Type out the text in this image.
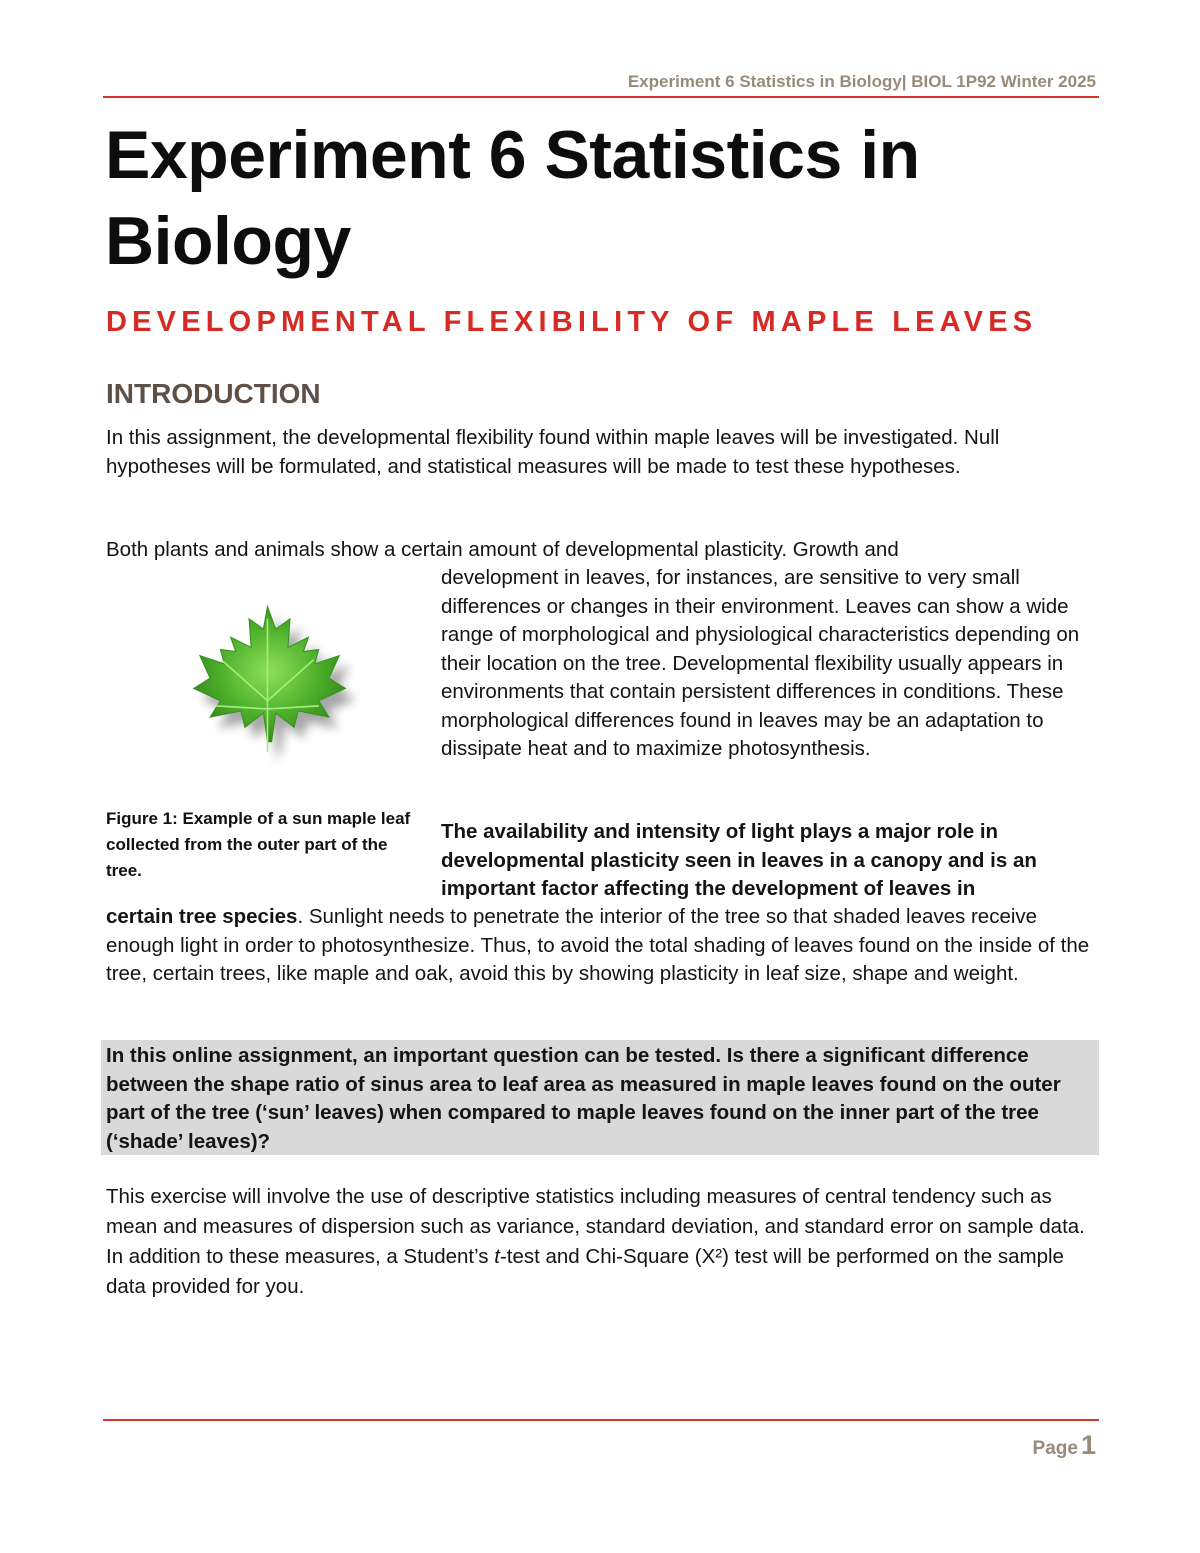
Experiment 6 Statistics in Biology| BIOL 1P92 Winter 2025
Experiment 6 Statistics in
Biology
DEVELOPMENTAL FLEXIBILITY OF MAPLE LEAVES
INTRODUCTION

In this assignment, the developmental flexibility found within maple leaves will be investigated. Null hypotheses will be formulated, and statistical measures will be made to test these hypotheses.

Both plants and animals show a certain amount of developmental plasticity. Growth and

development in leaves, for instances, are sensitive to very small differences or changes in their environment. Leaves can show a wide range of morphological and physiological characteristics depending on their location on the tree. Developmental flexibility usually appears in environments that contain persistent differences in conditions. These morphological differences found in leaves may be an adaptation to dissipate heat and to maximize photosynthesis.

Figure 1: Example of a sun maple leaf collected from the outer part of the tree.

The availability and intensity of light plays a major role in developmental plasticity seen in leaves in a canopy and is an important factor affecting the development of leaves in

certain tree species. Sunlight needs to penetrate the interior of the tree so that shaded leaves receive enough light in order to photosynthesize. Thus, to avoid the total shading of leaves found on the inside of the tree, certain trees, like maple and oak, avoid this by showing plasticity in leaf size, shape and weight.

In this online assignment, an important question can be tested. Is there a significant difference between the shape ratio of sinus area to leaf area as measured in maple leaves found on the outer part of the tree (‘sun’ leaves) when compared to maple leaves found on the inner part of the tree (‘shade’ leaves)?

This exercise will involve the use of descriptive statistics including measures of central tendency such as mean and measures of dispersion such as variance, standard deviation, and standard error on sample data. In addition to these measures, a Student’s t-test and Chi-Square (X²) test will be performed on the sample data provided for you.

Page 1
